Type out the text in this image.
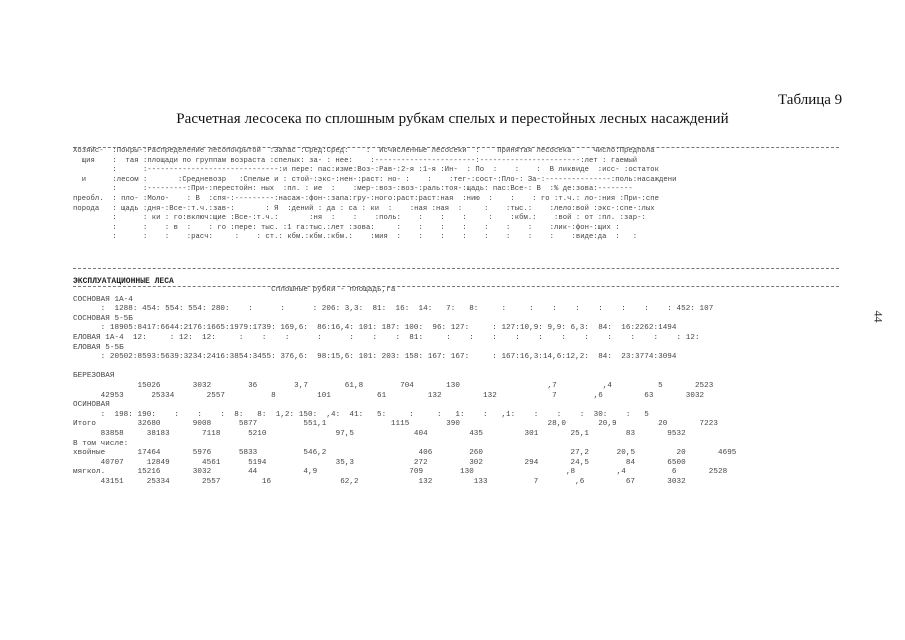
Таблица 9
Расчетная лесосека по сплошным рубкам спелых и перестойных лесных насаждений
Хозяйс-  :Покры-:Распределение лесопокрытой  :Запас :Сред:Сред:    :  Исчисленные лесосеки  :    Принятая лесосека     Число:Предпола
щия    :  тая :площади по группам возраста :спелых: за- : нее:    :-----------------------:-----------------------:лет : гаемый
:      :------------------------------:и пере: пас:изме:Воз-:Рав-:2-я :1-я :Ин-  : По  :    :    :  В ликвиде  :исс- :остаток
и      :лесом :       :Средневозр   :Спелые и : стой-:экс-:нен-:раст: но- :    :    :тег-:сост-:Пло-: За-:---------------:поль:насаждени
:      :---------:При-:перестойн: ных  :пл. : ие  :    :мер-:воз-:воз-:раль:тоя-:щадь: пас:Все-: В  :% де:зова:--------
преобл.  : пло- :Моло-    : В  :спя-:---------:насаж-:фон-:запа:гру-:ного:раст:раст:ная  :нию  :    :    : го :т.ч.: ло-:ния :При-:спе
порода   : щадь :дня-:Все-:т.ч.:зав-:       : Я  :дений : да : са : ки  :    :ная :ная  :     :    :тыс.:    :лело:вой :экс-:спе-:лых
:      : ки : го:включ:щие :Все-:т.ч.:       :ня  :    :    :поль:    :    :    :     :    :кбм.:    :вой : от :пл. :зар-:
:      :    : в  :    : го :пере: тыс. :1 га:тыс.:лет :зова:     :    :    :    :    :    :    :    :лик-:фон-:щих :
:      :    :    :расч:     :    : ст.: кбм.:кбм.:кбм.:    :мия  :    :    :    :    :    :    :    :    :виде:да  :   :
ЭКСПЛУАТАЦИОННЫЕ ЛЕСА
Сплошные рубки - площадь,га
СОСНОВАЯ 1А-4
:  1288: 454: 554: 554: 280:    :      :      : 206: 3,3:  81:  16:  14:   7:   8:     :     :    :    :    :    :    :    : 452: 107
СОСНОВАЯ 5-5Б
: 18905:8417:6644:2176:1665:1979:1739: 169,6:  86:16,4: 101: 187: 100:  96: 127:     : 127:10,9: 9,9: 6,3:  84:  16:2262:1494
ЕЛОВАЯ 1А-4  12:     : 12:  12:     :    :    :      :      :    :    :  81:     :    :    :    :    :    :    :    :    :    :    : 12:
ЕЛОВАЯ 5-5Б
: 20502:8593:5639:3234:2416:3854:3455: 376,6:  98:15,6: 101: 203: 158: 167: 167:     : 167:16,3:14,6:12,2:  84:  23:3774:3094

БЕРЕЗОВАЯ
15026       3032        36        3,7        61,8        704       130                   ,7          ,4          5       2523
42953      25334       2557          8         101          61         132         132            7        ,6         63       3032
ОСИНОВАЯ
:  198: 190:    :    :    :  8:   8:  1,2: 150:  ,4:  41:   5:     :     :   1:    :   ,1:    :    :    :  30:    :   5
Итого         32680       9008      5877          551,1              1115        390                   28,0       20,9         20       7223
83858     38183       7118      5210               97,5             404         435         301       25,1        83       9532
В том числе:
хвойные       17464       5976      5833          546,2                    406        260                   27,2      20,5         20       4695
40707     12849       4561      5194               35,3             272         302         294       24,5        84       6500
мягкол.       15216       3032        44          4,9                    709        130                    ,8         ,4          6       2528
43151     25334       2557         16               62,2             132         133          7        ,6         67       3032
44
